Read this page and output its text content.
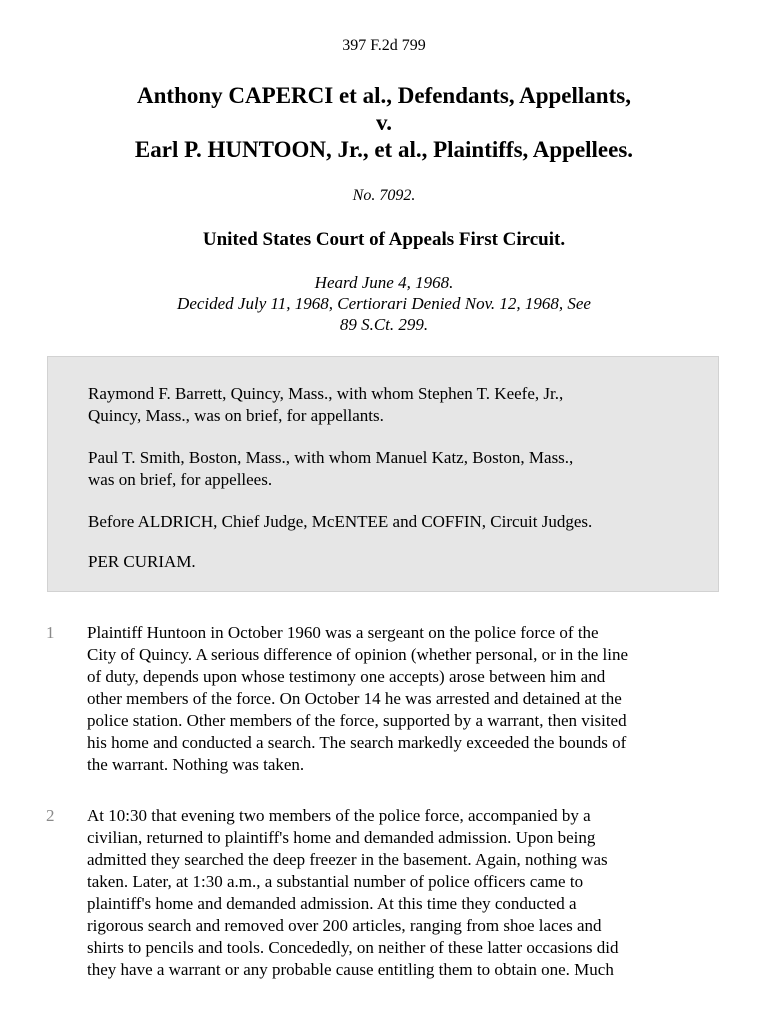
397 F.2d 799
Anthony CAPERCI et al., Defendants, Appellants,
v.
Earl P. HUNTOON, Jr., et al., Plaintiffs, Appellees.
No. 7092.
United States Court of Appeals First Circuit.
Heard June 4, 1968.
Decided July 11, 1968, Certiorari Denied Nov. 12, 1968, See
89 S.Ct. 299.
Raymond F. Barrett, Quincy, Mass., with whom Stephen T. Keefe, Jr.,
Quincy, Mass., was on brief, for appellants.
Paul T. Smith, Boston, Mass., with whom Manuel Katz, Boston, Mass.,
was on brief, for appellees.
Before ALDRICH, Chief Judge, McENTEE and COFFIN, Circuit Judges.
PER CURIAM.
1	Plaintiff Huntoon in October 1960 was a sergeant on the police force of the
City of Quincy. A serious difference of opinion (whether personal, or in the line
of duty, depends upon whose testimony one accepts) arose between him and
other members of the force. On October 14 he was arrested and detained at the
police station. Other members of the force, supported by a warrant, then visited
his home and conducted a search. The search markedly exceeded the bounds of
the warrant. Nothing was taken.
2	At 10:30 that evening two members of the police force, accompanied by a
civilian, returned to plaintiff's home and demanded admission. Upon being
admitted they searched the deep freezer in the basement. Again, nothing was
taken. Later, at 1:30 a.m., a substantial number of police officers came to
plaintiff's home and demanded admission. At this time they conducted a
rigorous search and removed over 200 articles, ranging from shoe laces and
shirts to pencils and tools. Concededly, on neither of these latter occasions did
they have a warrant or any probable cause entitling them to obtain one. Much
